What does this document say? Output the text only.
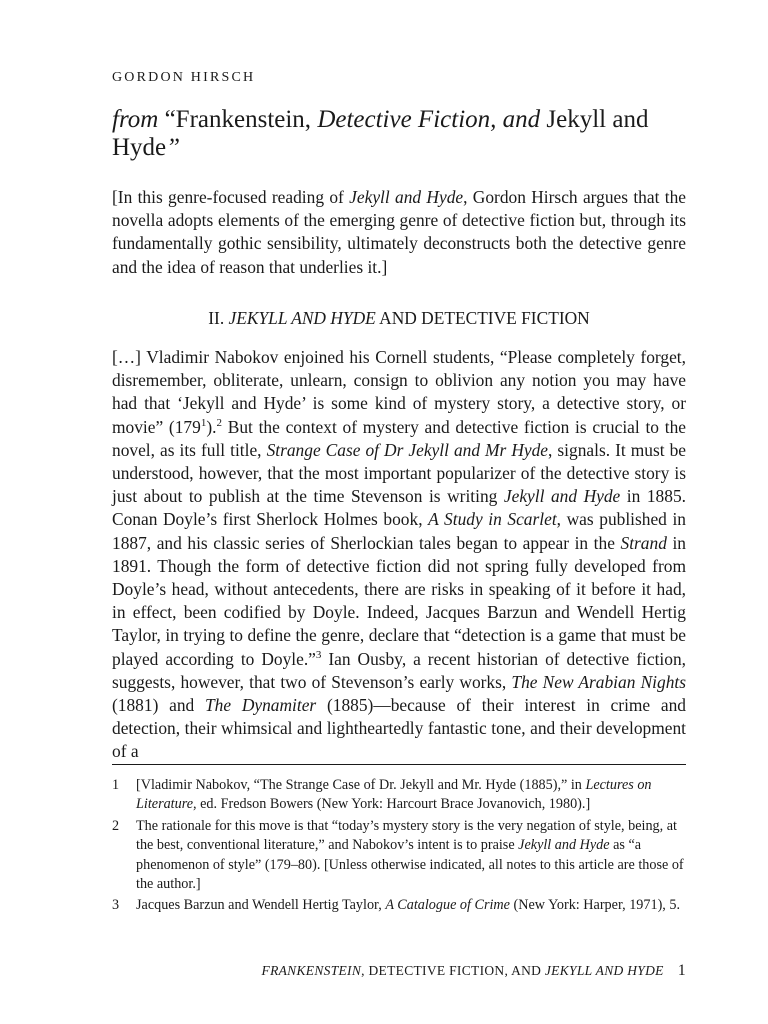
GORDON HIRSCH
from “Frankenstein, Detective Fiction, and Jekyll and Hyde”

[In this genre-focused reading of Jekyll and Hyde, Gordon Hirsch argues that the novella adopts elements of the emerging genre of detective fiction but, through its fundamentally gothic sensibility, ultimately deconstructs both the detective genre and the idea of reason that underlies it.]

II. JEKYLL AND HYDE AND DETECTIVE FICTION

[…] Vladimir Nabokov enjoined his Cornell students, “Please completely forget, disremember, obliterate, unlearn, consign to oblivion any notion you may have had that ‘Jekyll and Hyde’ is some kind of mystery story, a detective story, or movie” $(179^1).^2$ But the context of mystery and detective fiction is crucial to the novel, as its full title, Strange Case of Dr Jekyll and Mr Hyde, signals. It must be understood, however, that the most important popularizer of the detective story is just about to publish at the time Stevenson is writing Jekyll and Hyde in 1885. Conan Doyle’s first Sherlock Holmes book, A Study in Scarlet, was published in 1887, and his classic series of Sherlockian tales began to appear in the Strand in 1891. Though the form of detective fiction did not spring fully developed from Doyle’s head, without antecedents, there are risks in speaking of it before it had, in effect, been codified by Doyle. Indeed, Jacques Barzun and Wendell Hertig Taylor, in trying to define the genre, declare that “detection is a game that must be played according to Doyle.”$^3$ Ian Ousby, a recent historian of detective fiction, suggests, however, that two of Stevenson’s early works, The New Arabian Nights (1881) and The Dynamiter (1885)—because of their interest in crime and detection, their whimsical and lightheartedly fantastic tone, and their development of a

1 [Vladimir Nabokov, “The Strange Case of Dr. Jekyll and Mr. Hyde (1885),” in Lectures on Literature, ed. Fredson Bowers (New York: Harcourt Brace Jovanovich, 1980).]
2 The rationale for this move is that “today’s mystery story is the very negation of style, being, at the best, conventional literature,” and Nabokov’s intent is to praise Jekyll and Hyde as “a phenomenon of style” (179–80). [Unless otherwise indicated, all notes to this article are those of the author.]
3 Jacques Barzun and Wendell Hertig Taylor, A Catalogue of Crime (New York: Harper, 1971), 5.
FRANKENSTEIN, DETECTIVE FICTION, AND JEKYLL AND HYDE 1
